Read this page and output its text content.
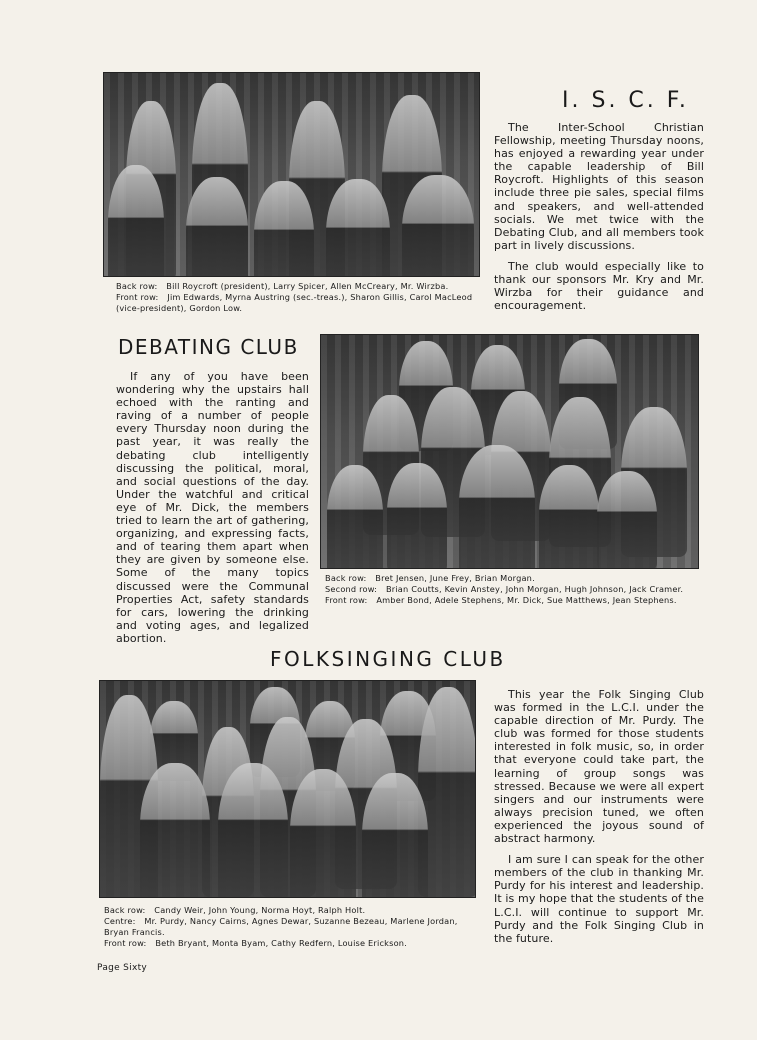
Back row: Bill Roycroft (president), Larry Spicer, Allen McCreary, Mr. Wirzba.
Front row: Jim Edwards, Myrna Austring (sec.-treas.), Sharon Gillis, Carol MacLeod (vice-president), Gordon Low.
I. S. C. F.

The Inter-School Christian Fellowship, meeting Thursday noons, has enjoyed a rewarding year under the capable leadership of Bill Roycroft. Highlights of this season include three pie sales, special films and speakers, and well-attended socials. We met twice with the Debating Club, and all members took part in lively discussions.

The club would especially like to thank our sponsors Mr. Kry and Mr. Wirzba for their guidance and encouragement.

DEBATING CLUB

If any of you have been wondering why the upstairs hall echoed with the ranting and raving of a number of people every Thursday noon during the past year, it was really the debating club intelligently discussing the political, moral, and social questions of the day. Under the watchful and critical eye of Mr. Dick, the members tried to learn the art of gathering, organizing, and expressing facts, and of tearing them apart when they are given by someone else. Some of the many topics discussed were the Communal Properties Act, safety standards for cars, lowering the drinking and voting ages, and legalized abortion.

Back row: Bret Jensen, June Frey, Brian Morgan.
Second row: Brian Coutts, Kevin Anstey, John Morgan, Hugh Johnson, Jack Cramer.
Front row: Amber Bond, Adele Stephens, Mr. Dick, Sue Matthews, Jean Stephens.
FOLKSINGING CLUB
Back row: Candy Weir, John Young, Norma Hoyt, Ralph Holt.
Centre: Mr. Purdy, Nancy Cairns, Agnes Dewar, Suzanne Bezeau, Marlene Jordan, Bryan Francis.
Front row: Beth Bryant, Monta Byam, Cathy Redfern, Louise Erickson.

This year the Folk Singing Club was formed in the L.C.I. under the capable direction of Mr. Purdy. The club was formed for those students interested in folk music, so, in order that everyone could take part, the learning of group songs was stressed. Because we were all expert singers and our instruments were always precision tuned, we often experienced the joyous sound of abstract harmony.

I am sure I can speak for the other members of the club in thanking Mr. Purdy for his interest and leadership. It is my hope that the students of the L.C.I. will continue to support Mr. Purdy and the Folk Singing Club in the future.

Page Sixty
